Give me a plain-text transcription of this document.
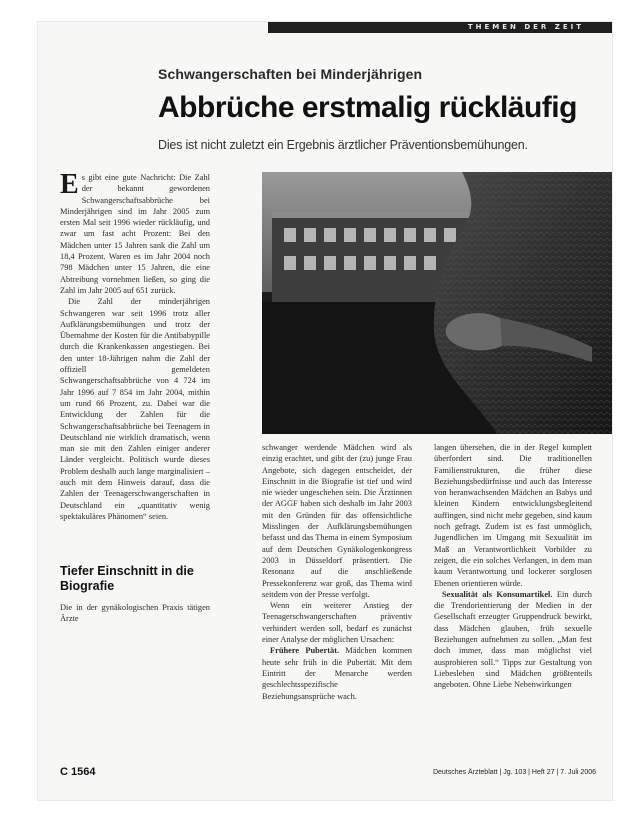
THEMEN DER ZEIT
Schwangerschaften bei Minderjährigen
Abbrüche erstmalig rückläufig
Dies ist nicht zuletzt ein Ergebnis ärztlicher Präventionsbemühungen.
E s gibt eine gute Nachricht: Die Zahl der bekannt gewordenen Schwangerschaftsabbrüche bei Minderjährigen sind im Jahr 2005 zum ersten Mal seit 1996 wieder rückläufig, und zwar um fast acht Prozent: Bei den Mädchen unter 15 Jahren sank die Zahl um 18,4 Prozent. Waren es im Jahr 2004 noch 798 Mädchen unter 15 Jahren, die eine Abtreibung vornehmen ließen, so ging die Zahl im Jahr 2005 auf 651 zurück.

Die Zahl der minderjährigen Schwangeren war seit 1996 trotz aller Aufklärungsbemühungen und trotz der Übernahme der Kosten für die Antibabypille durch die Krankenkassen angestiegen. Bei den unter 18-Jährigen nahm die Zahl der offiziell gemeldeten Schwangerschaftsabbrüche von 4 724 im Jahr 1996 auf 7 854 im Jahr 2004, mithin um rund 66 Prozent, zu. Dabei war die Entwicklung der Zahlen für die Schwangerschaftsabbrüche bei Teenagern in Deutschland nie wirklich dramatisch, wenn man sie mit den Zahlen einiger anderer Länder vergleicht. Politisch wurde dieses Problem deshalb auch lange marginalisiert – auch mit dem Hinweis darauf, dass die Zahlen der Teenagerschwangerschaften in Deutschland ein „quantitativ wenig spektakuläres Phänomen“ seien.

Tiefer Einschnitt in die Biografie

Die in der gynäkologischen Praxis tätigen Ärzte

schwanger werdende Mädchen wird als einzig erachtet, und gibt der (zu) junge Frau Angebote, sich dagegen entscheidet, der Einschnitt in die Biografie ist tief und wird nie wieder ungeschehen sein. Die Ärztinnen der AGGF haben sich deshalb im Jahr 2003 mit den Gründen für das offensichtliche Misslingen der Aufklärungsbemühungen befasst und das Thema in einem Symposium auf dem Deutschen Gynäkologenkongress 2003 in Düsseldorf präsentiert. Die Resonanz auf die anschließende Pressekonferenz war groß, das Thema wird seitdem von der Presse verfolgt.

Wenn ein weiterer Anstieg der Teenagerschwangerschaften präventiv verhindert werden soll, bedarf es zunächst einer Analyse der möglichen Ursachen:

Frühere Pubertät. Mädchen kommen heute sehr früh in die Pubertät. Mit dem Eintritt der Menarche werden geschlechtsspezifische Beziehungsansprüche wach.

langen übersehen, die in der Regel komplett überfordert sind. Die traditionellen Familienstrukturen, die früher diese Beziehungsbedürfnisse und auch das Interesse von heranwachsenden Mädchen an Babys und kleinen Kindern entwicklungsbegleitend auffingen, sind nicht mehr gegeben, sind kaum noch gefragt. Zudem ist es fast unmöglich, Jugendlichen im Umgang mit Sexualität im Maß an Verantwortlichkeit Vorbilder zu zeigen, die ein solches Verlangen, in dem man kaum Verantwortung und lockerer sorglosen Ebenen orientieren würde.

Sexualität als Konsumartikel. Ein durch die Trendorientierung der Medien in der Gesellschaft erzeugter Gruppendruck bewirkt, dass Mädchen glauben, früh sexuelle Beziehungen aufnehmen zu sollen. „Man fest doch immer, dass man möglichst viel ausprobieren soll.“ Tipps zur Gestaltung von Liebesleben sind Mädchen größtenteils angeboten. Ohne Liebe Nebenwirkungen

C 1564	Deutsches Ärzteblatt | Jg. 103 | Heft 27 | 7. Juli 2006
